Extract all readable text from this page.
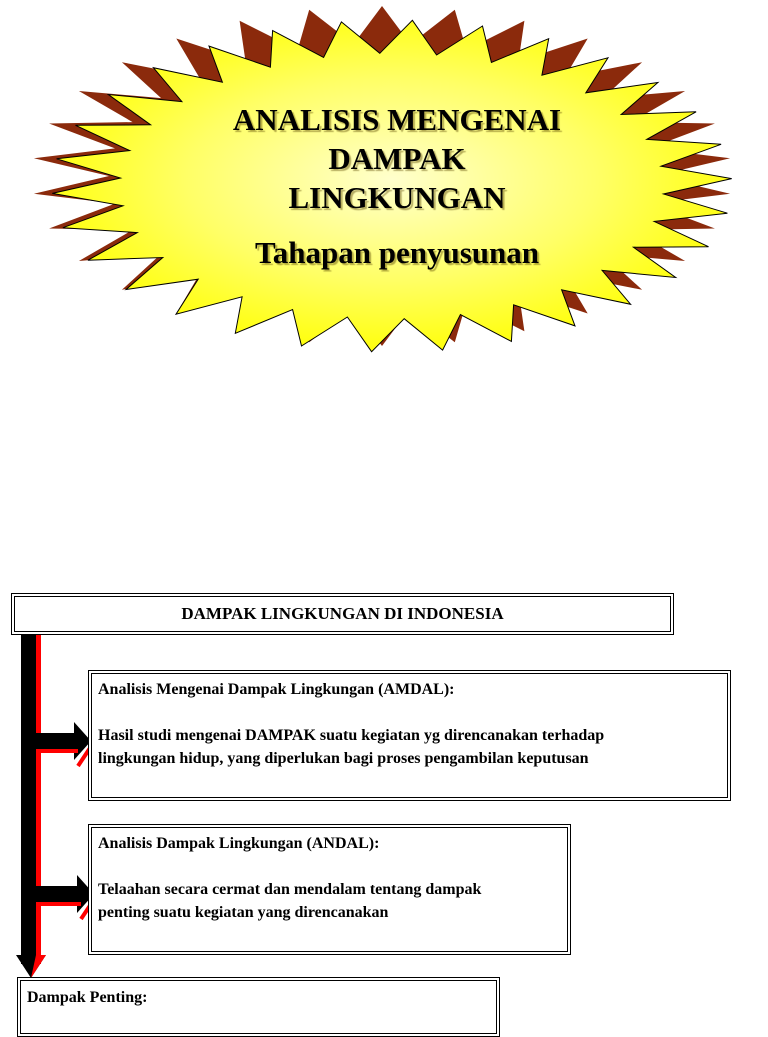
ANALISIS MENGENAI
DAMPAK
LINGKUNGAN
Tahapan penyusunan
DAMPAK LINGKUNGAN DI INDONESIA
Analisis Mengenai Dampak Lingkungan (AMDAL):
Hasil studi mengenai DAMPAK suatu kegiatan yg direncanakan terhadap
lingkungan hidup, yang diperlukan bagi proses pengambilan keputusan
Analisis Dampak Lingkungan (ANDAL):
Telaahan secara cermat dan mendalam tentang dampak
penting suatu kegiatan yang direncanakan
Dampak Penting:
